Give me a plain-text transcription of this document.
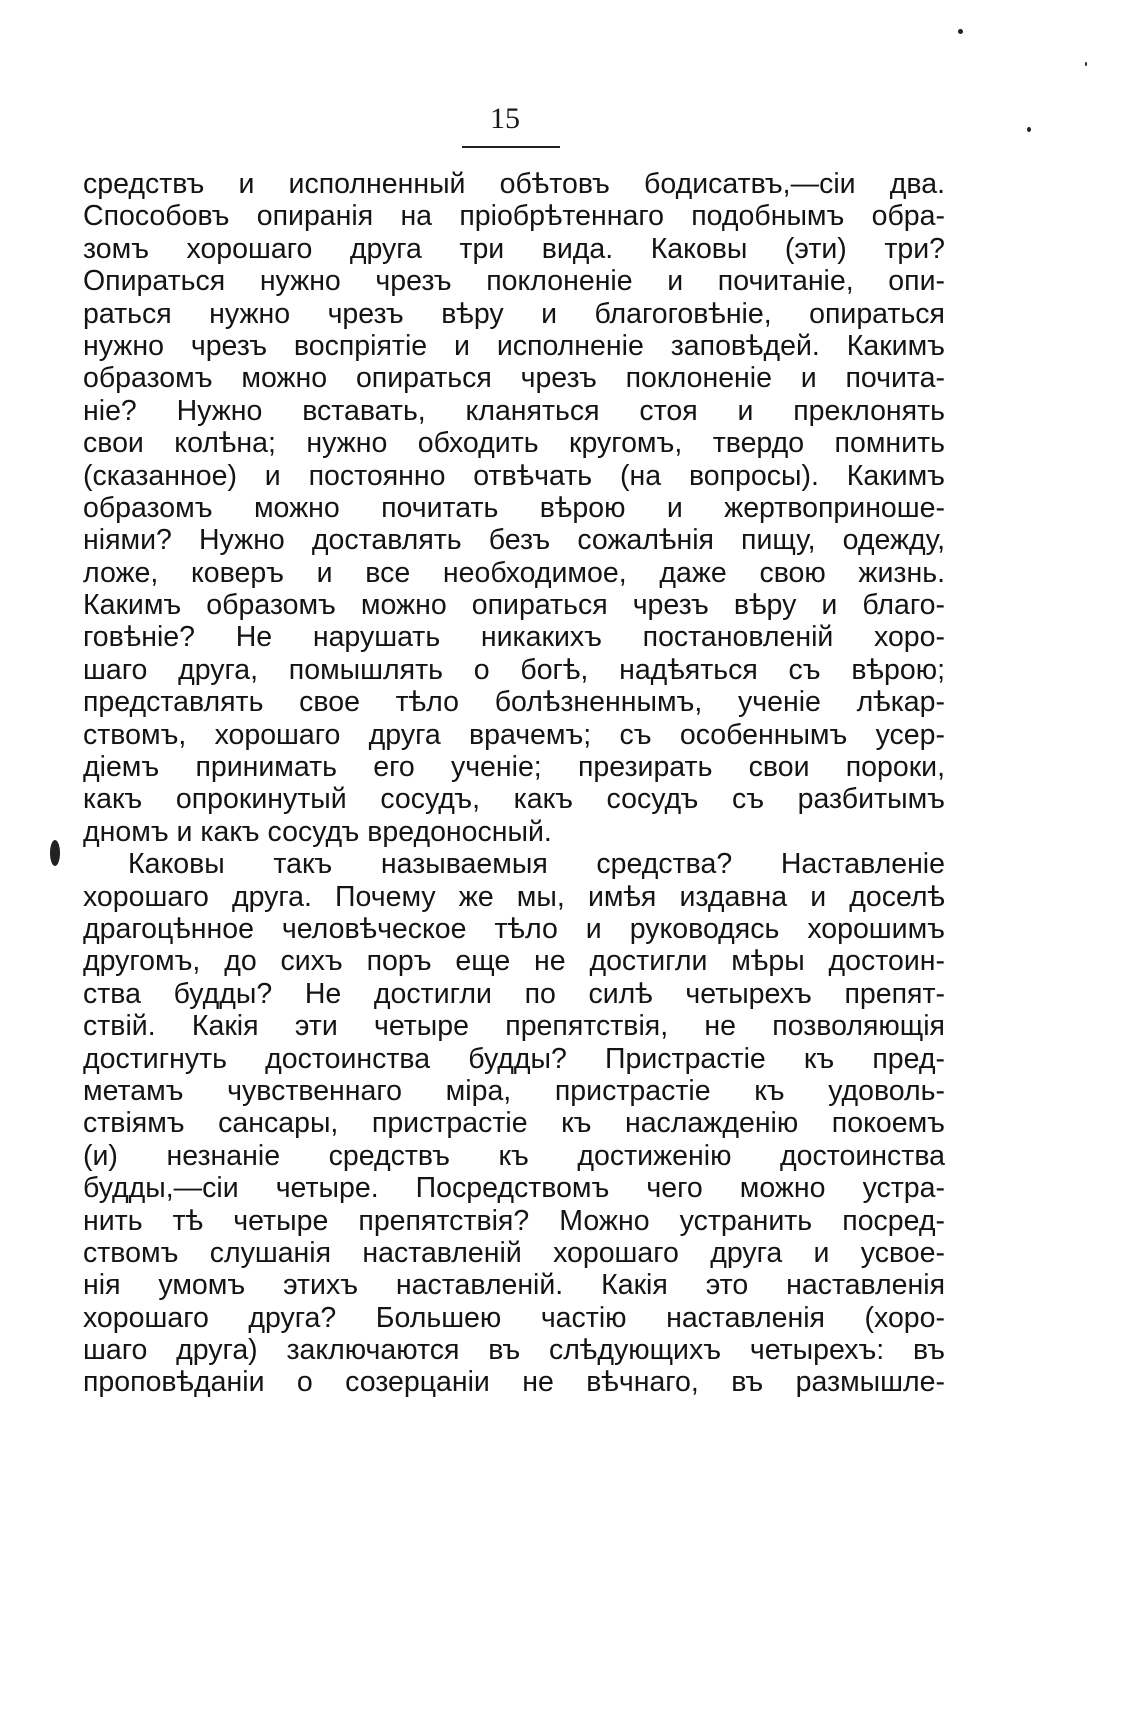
15
средствъ и исполненный обѣтовъ бодисатвъ,—сіи два.
Способовъ опиранія на пріобрѣтеннаго подобнымъ обра-
зомъ хорошаго друга три вида. Каковы (эти) три?
Опираться нужно чрезъ поклоненіе и почитаніе, опи-
раться нужно чрезъ вѣру и благоговѣніе, опираться
нужно чрезъ воспріятіе и исполненіе заповѣдей. Какимъ
образомъ можно опираться чрезъ поклоненіе и почита-
ніе? Нужно вставать, кланяться стоя и преклонять
свои колѣна; нужно обходить кругомъ, твердо помнить
(сказанное) и постоянно отвѣчать (на вопросы). Какимъ
образомъ можно почитать вѣрою и жертвоприноше-
ніями? Нужно доставлять безъ сожалѣнія пищу, одежду,
ложе, коверъ и все необходимое, даже свою жизнь.
Какимъ образомъ можно опираться чрезъ вѣру и благо-
говѣніе? Не нарушать никакихъ постановленій хоро-
шаго друга, помышлять о богѣ, надѣяться съ вѣрою;
представлять свое тѣло болѣзненнымъ, ученіе лѣкар-
ствомъ, хорошаго друга врачемъ; съ особеннымъ усер-
діемъ принимать его ученіе; презирать свои пороки,
какъ опрокинутый сосудъ, какъ сосудъ съ разбитымъ
дномъ и какъ сосудъ вредоносный.
Каковы такъ называемыя средства? Наставленіе
хорошаго друга. Почему же мы, имѣя издавна и доселѣ
драгоцѣнное человѣческое тѣло и руководясь хорошимъ
другомъ, до сихъ поръ еще не достигли мѣры достоин-
ства будды? Не достигли по силѣ четырехъ препят-
ствій. Какія эти четыре препятствія, не позволяющія
достигнуть достоинства будды? Пристрастіе къ пред-
метамъ чувственнаго міра, пристрастіе къ удоволь-
ствіямъ сансары, пристрастіе къ наслажденію покоемъ
(и) незнаніе средствъ къ достиженію достоинства
будды,—сіи четыре. Посредствомъ чего можно устра-
нить тѣ четыре препятствія? Можно устранить посред-
ствомъ слушанія наставленій хорошаго друга и усвое-
нія умомъ этихъ наставленій. Какія это наставленія
хорошаго друга? Большею частію наставленія (хоро-
шаго друга) заключаются въ слѣдующихъ четырехъ: въ
проповѣданіи о созерцаніи не вѣчнаго, въ размышле-
